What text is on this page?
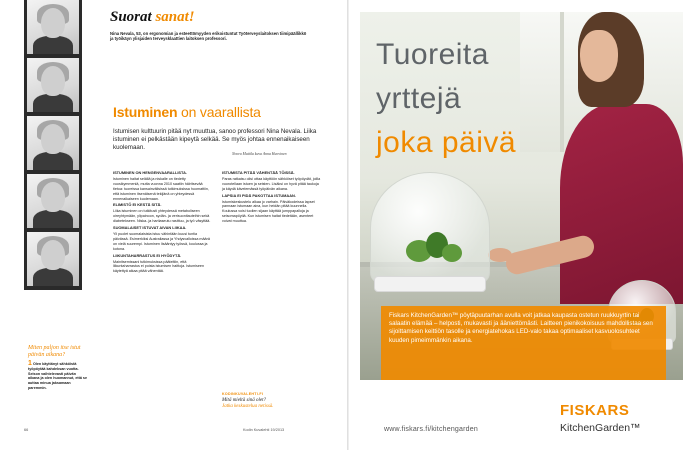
Suorat sanat!
Nina Nevala, 53, on ergonomian ja esteettömyyden erikoistuntut Työterveyslaitoksen tiimipäällikkö ja työikäyn ylisjaiden terveysklaattien laitoksen professori.
Istuminen on vaarallista
Istumisen kulttuurin pitää nyt muuttua, sanoo professori Nina Nevala. Liika istuminen ei pelkästään kipeytä selkää. Se myös johtaa ennenaikaiseen kuolemaan.
Noora Mattila kuva Anna Huovinen
ISTUMINEN ON HENGENVAARALLISTA.

Istuminen haitat selällä ja niskalle on tiedetty vuosikymmeniä, mutta vuonna 2010 saatiin häiritsevää tietoa: tuoreissa kansainvälisissä tutkimuksissa huomattiin, että istuminen itsenäisenä tekijänä on yhteydessä ennenaikaiseen kuolemaan.

ELIMISTÖ EI KESTÄ SITÄ.

Liika istuminen on tutkitusti yhteydessä metaboliseen oireyhtymään, ylipainoon, sydän- ja verisuonitauteihin sekä diabetekseen. Niska- ja hartiaseutu rasittuu, ja työ väsyttää.

SUOMALAISET ISTUVAT AIVAN LIIKAA.

Yli puolet suomalaisista istuu vähintään kuusi tuntia päivässä. Esimerkiksi Australiassa ja Yhdysvalloissa määrä on vielä suurempi. Istuminen lisääntyy työssä, koulussa ja kotona.

LIIKUNTAHARRASTUS EI HYÖDYTÄ.

Mainitsemissani tutkimuksissa pääteltiin, että liikuntaharrastus ei poista istumisen haittoja. Istumiseen käytettyä aikaa pitää vähentää.

ISTUMISTA PITÄÄ VÄHENTÄÄ TÖISSÄ.

Paras ratkaisu olisi ottaa käyttöön sähköiset työpöydät, joilla vuorotellaan istuen ja seisten. Lisäksi on hyvä pitää taukoja ja käydä kävelemässä työpäivän aikana.

LAPSIA EI PIDÄ PAKOTTAA ISTUMAAN.

Istumiskeskustelu alkaa jo varhain. Päiväkodeissa lapset pannaan istumaan aina, kun heidän pitää kuunnella. Koulussa voisi tuolien sijaan käyttää jumppapalloja ja seisomapöytiä. Kun istumisen haitat tiedetään, asenteet voivat muuttua.

Miten paljon itse istut päivän aikana?
1 Olen käyttänyt sähköistä työpöytää kahdeksan vuotta. Seison vaihtelevasti päivän aikana ja olen huomannut, että se auttaa minua jaksamaan paremmin.
KODINKUVALEHTI.FI
Mitä mieltä sinä olet?
Jatka keskustelua netissä.
66	Kodin Kuvalehti 19/2013
Tuoreita
yrttejä
joka päivä

Fiskars KitchenGarden™ pöytäpuutarhan avulla voit jatkaa kaupasta ostetun ruukkuyrtin tai salaatin elämää – helposti, mukavasti ja ääniettömästi. Laitteen pienikokoisuus mahdollistaa sen sijoittamisen keittiön tasolle ja energiatehokas LED-valo takaa optimaaliset kasvuolosuhteet kuuden pimeimmänkin aikana.

www.fiskars.fi/kitchengarden
FISKARS
KitchenGarden™
